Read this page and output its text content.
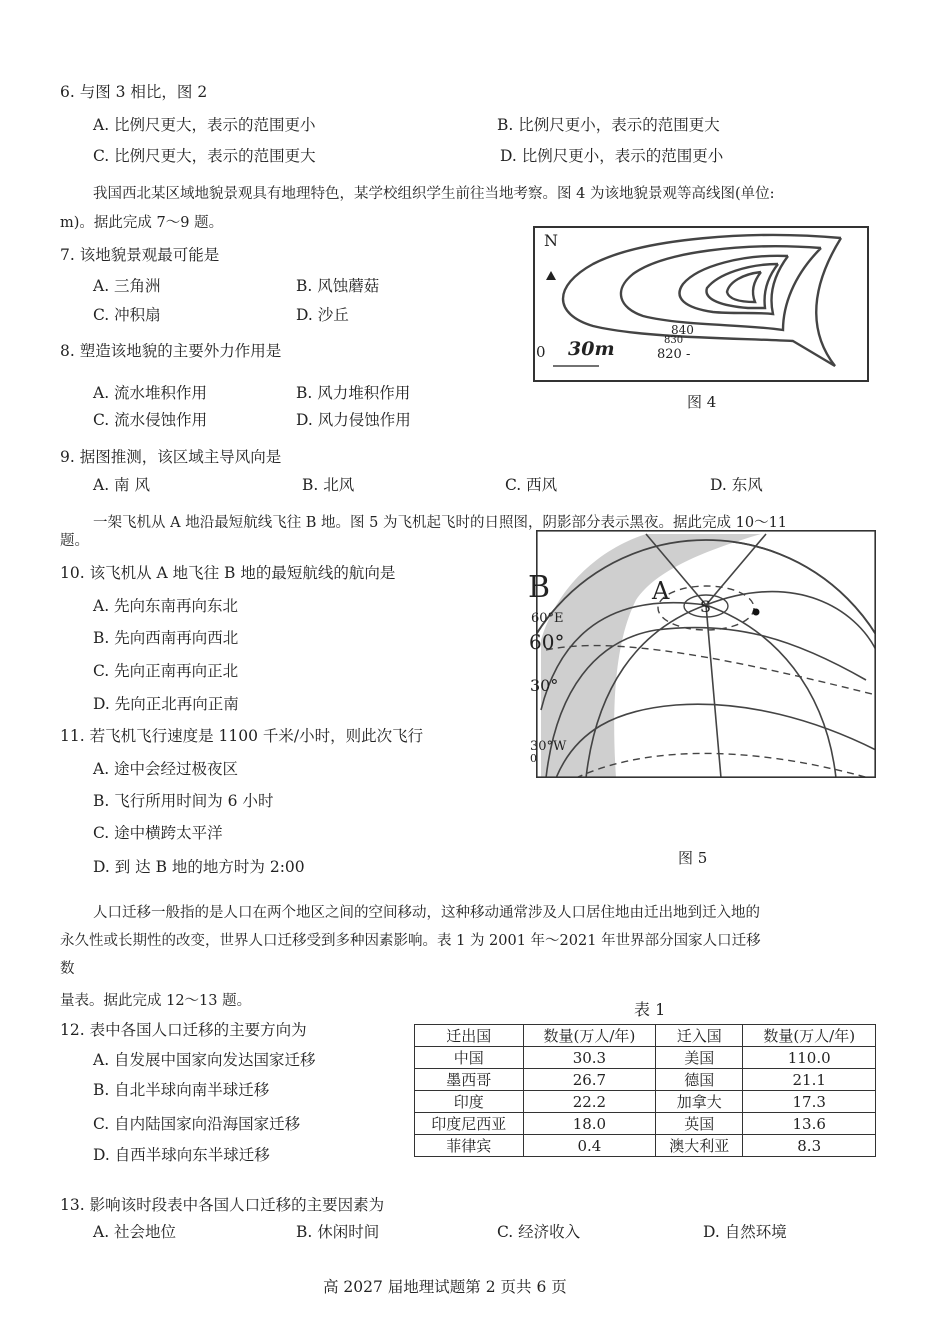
6. 与图 3 相比，图 2
A. 比例尺更大，表示的范围更小	B. 比例尺更小，表示的范围更大
C. 比例尺更大，表示的范围更大	D. 比例尺更小，表示的范围更小
我国西北某区域地貌景观具有地理特色，某学校组织学生前往当地考察。图 4 为该地貌景观等高线图(单位:
m)。据此完成 7～9 题。
7. 该地貌景观最可能是
A. 三角洲	B. 风蚀蘑菇
C. 冲积扇	D. 沙丘
8. 塑造该地貌的主要外力作用是
A. 流水堆积作用	B. 风力堆积作用
C. 流水侵蚀作用	D. 风力侵蚀作用
9. 据图推测，该区域主导风向是
A. 南 风	B. 北风	C. 西风	D. 东风
N
0 30m
840
830
820 -
图 4
一架飞机从 A 地沿最短航线飞往 B 地。图 5 为飞机起飞时的日照图，阴影部分表示黑夜。据此完成 10～11
题。
10. 该飞机从 A 地飞往 B 地的最短航线的航向是
A. 先向东南再向东北
B. 先向西南再向西北
C. 先向正南再向正北
D. 先向正北再向正南
11. 若飞机飞行速度是 1100 千米/小时，则此次飞行
A. 途中会经过极夜区
B. 飞行所用时间为 6 小时
C. 途中横跨太平洋
D. 到 达 B 地的地方时为 2:00
B	A
S
60°E
60°
30°
30°W
0
图 5
人口迁移一般指的是人口在两个地区之间的空间移动，这种移动通常涉及人口居住地由迁出地到迁入地的
永久性或长期性的改变，世界人口迁移受到多种因素影响。表 1 为 2001 年～2021 年世界部分国家人口迁移
数
量表。据此完成 12～13 题。	表 1
迁出国	数量(万人/年)	迁入国	数量(万人/年)
中国	30.3	美国	110.0
墨西哥	26.7	德国	21.1
印度	22.2	加拿大	17.3
印度尼西亚	18.0	英国	13.6
菲律宾	0.4	澳大利亚	8.3
12. 表中各国人口迁移的主要方向为
A. 自发展中国家向发达国家迁移
B. 自北半球向南半球迁移
C. 自内陆国家向沿海国家迁移
D. 自西半球向东半球迁移
13. 影响该时段表中各国人口迁移的主要因素为
A. 社会地位	B. 休闲时间	C. 经济收入	D. 自然环境
高 2027 届地理试题第 2 页共 6 页
